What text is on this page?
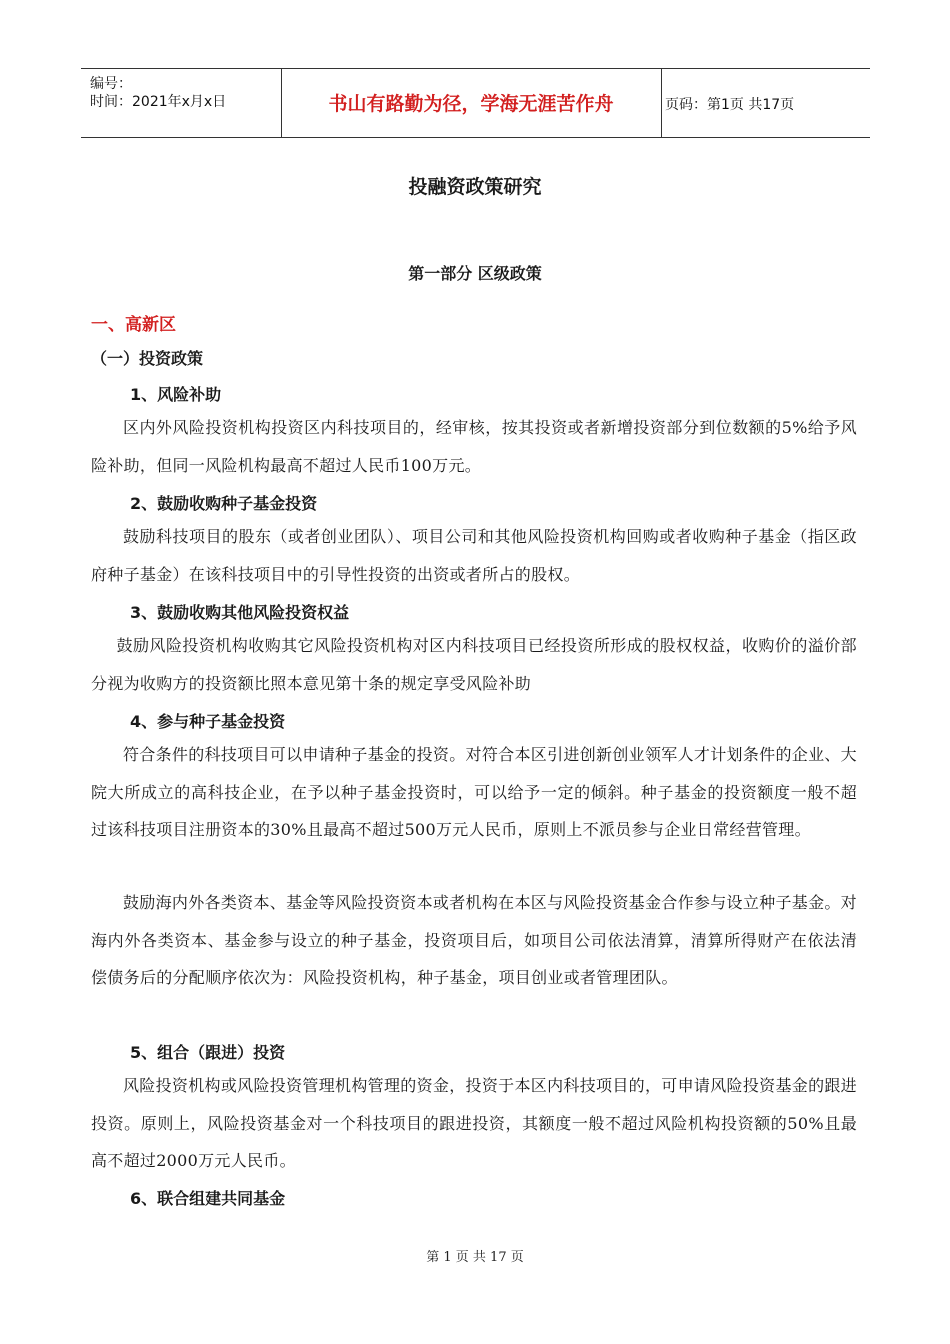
编号：
时间：2021年x月x日	书山有路勤为径，学海无涯苦作舟	页码：第1页 共17页
投融资政策研究
第一部分 区级政策
一、高新区
（一）投资政策
1、风险补助
区内外风险投资机构投资区内科技项目的，经审核，按其投资或者新增投资部分到位数额的5%给予风险补助，但同一风险机构最高不超过人民币100万元。
2、鼓励收购种子基金投资
鼓励科技项目的股东（或者创业团队）、项目公司和其他风险投资机构回购或者收购种子基金（指区政府种子基金）在该科技项目中的引导性投资的出资或者所占的股权。
3、鼓励收购其他风险投资权益
鼓励风险投资机构收购其它风险投资机构对区内科技项目已经投资所形成的股权权益，收购价的溢价部分视为收购方的投资额比照本意见第十条的规定享受风险补助
4、参与种子基金投资
符合条件的科技项目可以申请种子基金的投资。对符合本区引进创新创业领军人才计划条件的企业、大院大所成立的高科技企业，在予以种子基金投资时，可以给予一定的倾斜。种子基金的投资额度一般不超过该科技项目注册资本的30%且最高不超过500万元人民币，原则上不派员参与企业日常经营管理。
鼓励海内外各类资本、基金等风险投资资本或者机构在本区与风险投资基金合作参与设立种子基金。对海内外各类资本、基金参与设立的种子基金，投资项目后，如项目公司依法清算，清算所得财产在依法清偿债务后的分配顺序依次为：风险投资机构，种子基金，项目创业或者管理团队。
5、组合（跟进）投资
风险投资机构或风险投资管理机构管理的资金，投资于本区内科技项目的，可申请风险投资基金的跟进投资。原则上，风险投资基金对一个科技项目的跟进投资，其额度一般不超过风险机构投资额的50%且最高不超过2000万元人民币。
6、联合组建共同基金
第 1 页 共 17 页
